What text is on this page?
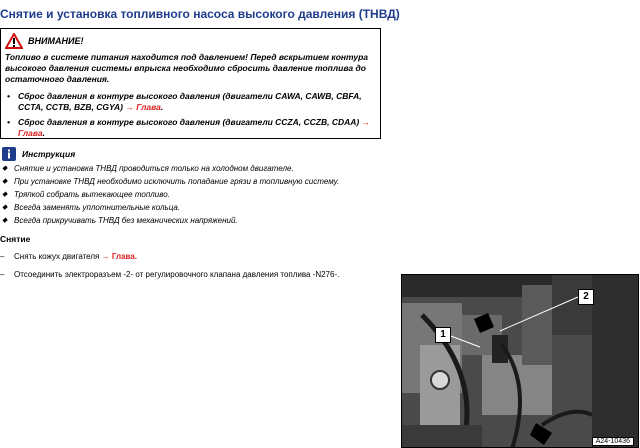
Снятие и установка топливного насоса высокого давления (ТНВД)
ВНИМАНИЕ!
Топливо в системе питания находится под давлением! Перед вскрытием контура высокого давления системы впрыска необходимо сбросить давление топлива до остаточного давления.
• Сброс давления в контуре высокого давления (двигатели CAWA, CAWB, CBFA, CCTA, CCTB, BZB, CGYA) → Глава.
• Сброс давления в контуре высокого давления (двигатели CCZA, CCZB, CDAA) → Глава.
Инструкция
◆ Снятие и установка ТНВД проводиться только на холодном двигателе.
◆ При установке ТНВД необходимо исключить попадание грязи в топливную систему.
◆ Тряпкой собрать вытекающее топливо.
◆ Всегда заменять уплотнительные кольца.
◆ Всегда прикручивать ТНВД без механических напряжений.
Снятие
– Снять кожух двигателя → Глава.
– Отсоединить электроразъем -2- от регулировочного клапана давления топлива -N276-.
1
2
A24-10436
